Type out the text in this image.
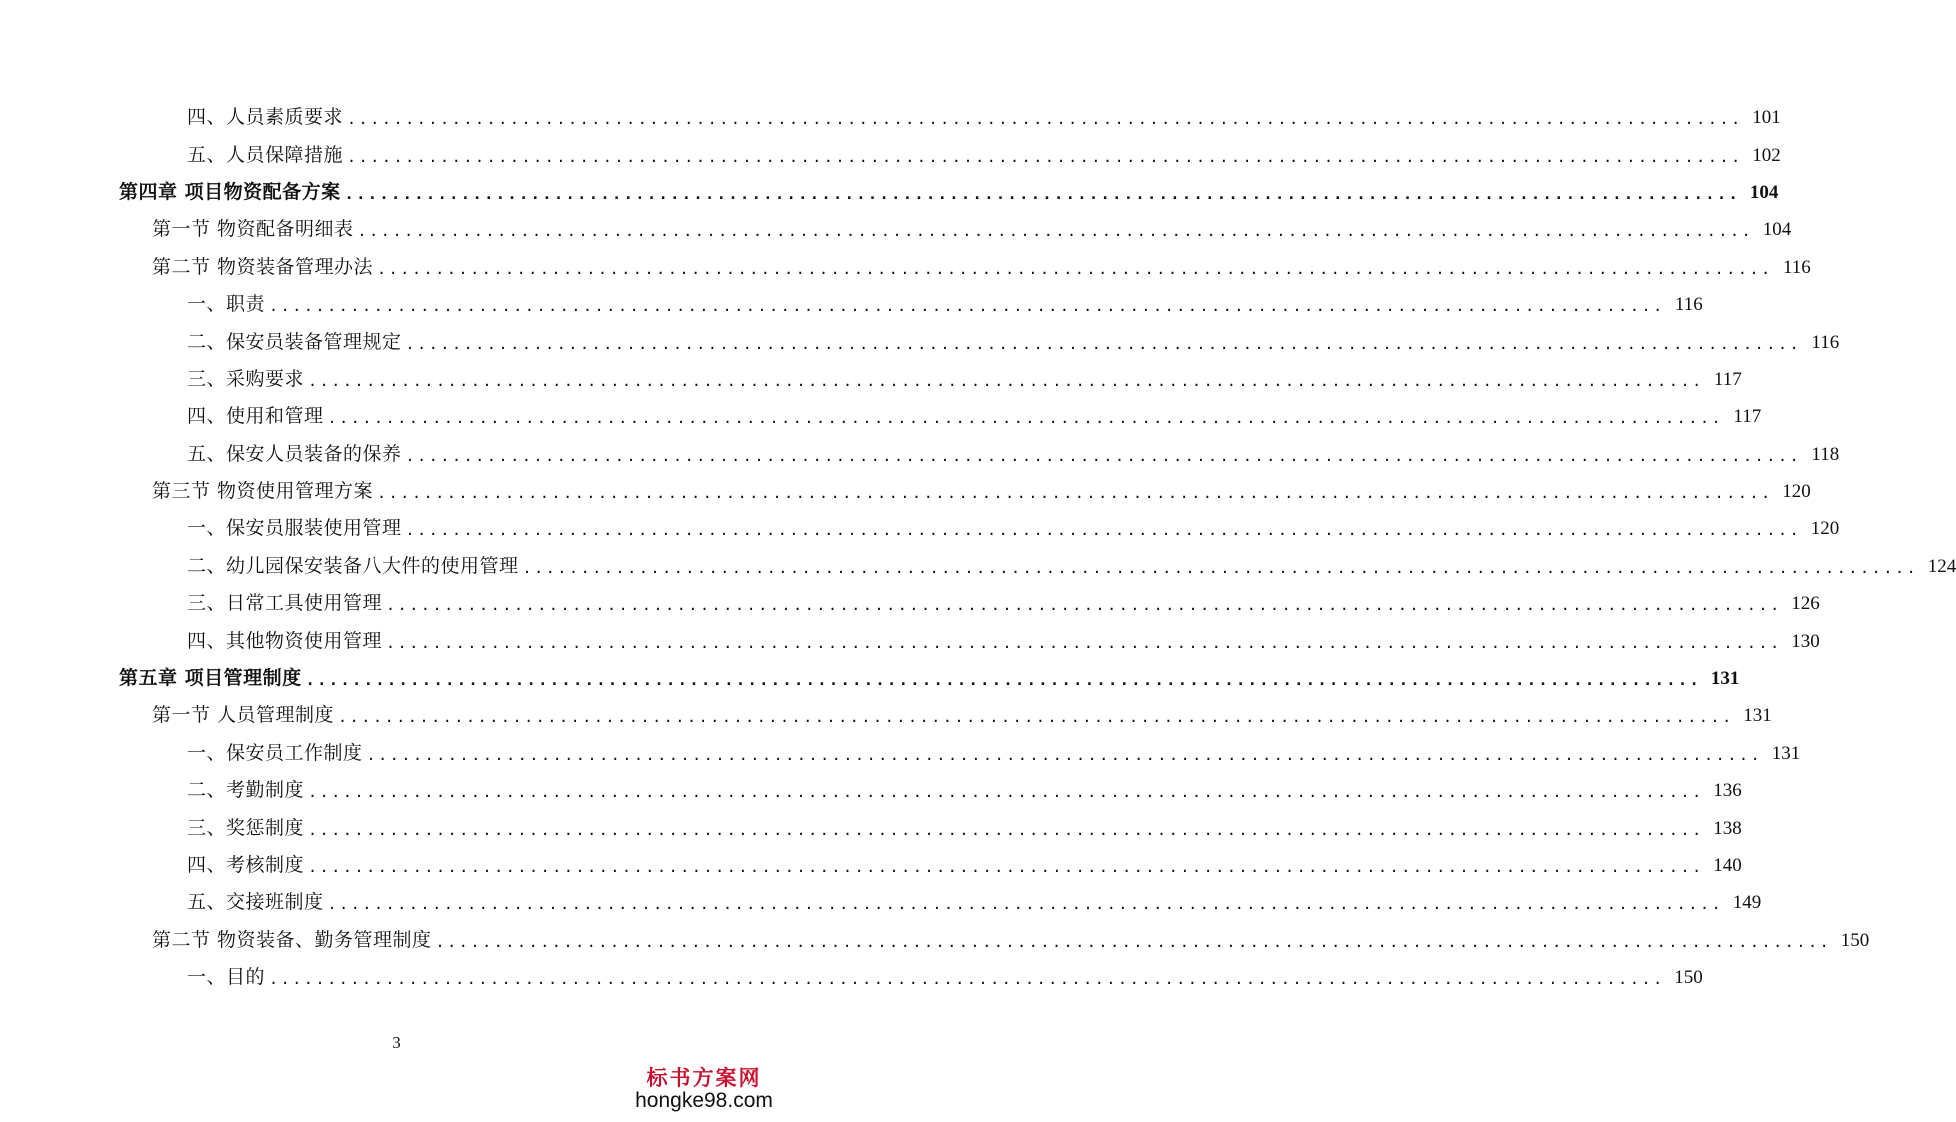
四、人员素质要求 ........................................................................................................................ 101
五、人员保障措施 ........................................................................................................................ 102
第四章 项目物资配备方案 ........................................................................................................................ 104
第一节 物资配备明细表 ........................................................................................................................ 104
第二节 物资装备管理办法 ........................................................................................................................ 116
一、职责 ........................................................................................................................ 116
二、保安员装备管理规定 ........................................................................................................................ 116
三、采购要求 ........................................................................................................................ 117
四、使用和管理 ........................................................................................................................ 117
五、保安人员装备的保养 ........................................................................................................................ 118
第三节 物资使用管理方案 ........................................................................................................................ 120
一、保安员服装使用管理 ........................................................................................................................ 120
二、幼儿园保安装备八大件的使用管理 ........................................................................................................................ 124
三、日常工具使用管理 ........................................................................................................................ 126
四、其他物资使用管理 ........................................................................................................................ 130
第五章 项目管理制度 ........................................................................................................................ 131
第一节 人员管理制度 ........................................................................................................................ 131
一、保安员工作制度 ........................................................................................................................ 131
二、考勤制度 ........................................................................................................................ 136
三、奖惩制度 ........................................................................................................................ 138
四、考核制度 ........................................................................................................................ 140
五、交接班制度 ........................................................................................................................ 149
第二节 物资装备、勤务管理制度 ........................................................................................................................ 150
一、目的 ........................................................................................................................ 150
3
标书方案网
hongke98.com
